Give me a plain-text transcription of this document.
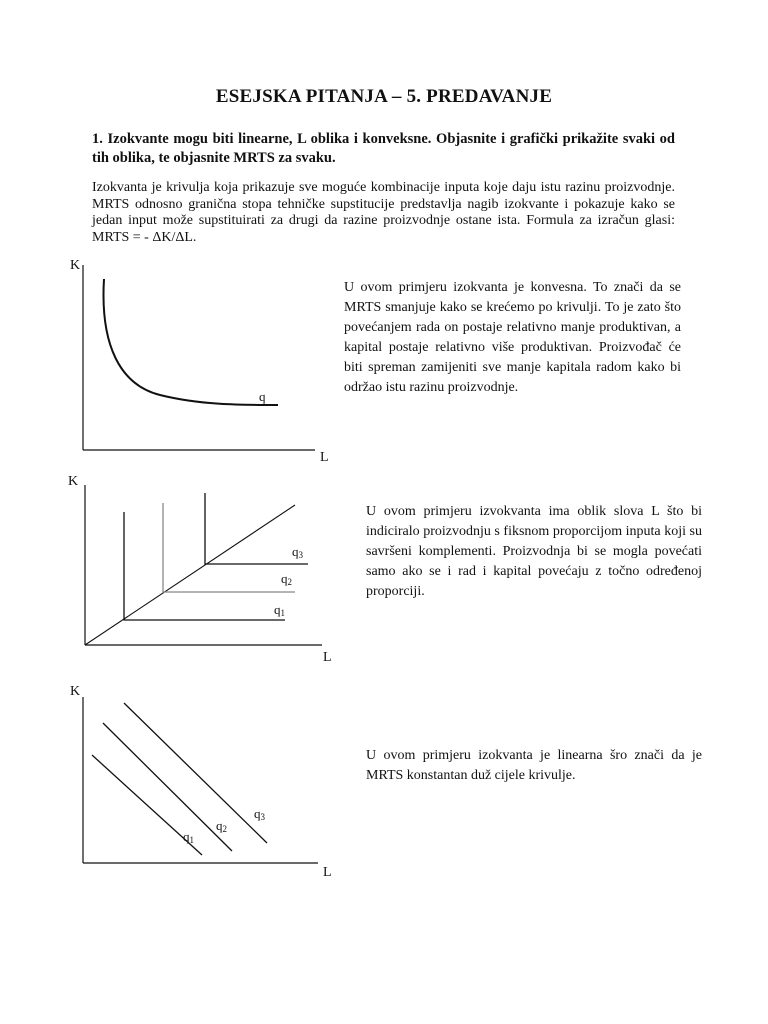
ESEJSKA PITANJA – 5. PREDAVANJE
1. Izokvante mogu biti linearne, L oblika i konveksne. Objasnite i grafički prikažite svaki od tih oblika, te objasnite MRTS za svaku.
Izokvanta je krivulja koja prikazuje sve moguće kombinacije inputa koje daju istu razinu proizvodnje. MRTS odnosno granična stopa tehničke supstitucije predstavlja nagib izokvante i pokazuje kako se jedan input može supstituirati za drugi da razine proizvodnje ostane ista. Formula za izračun glasi: MRTS = - ΔK/ΔL.
K
L
q
U ovom primjeru izokvanta je konvesna. To znači da se MRTS smanjuje kako se krećemo po krivulji. To je zato što povećanjem rada on postaje relativno manje produktivan, a kapital postaje relativno više produktivan. Proizvođač će biti spreman zamijeniti sve manje kapitala radom kako bi održao istu razinu proizvodnje.
K
L
q1
q2
q3
U ovom primjeru izvokvanta ima oblik slova L što bi indiciralo proizvodnju s fiksnom proporcijom inputa koji su savršeni komplementi. Proizvodnja bi se mogla povećati samo ako se i rad i kapital povećaju z točno određenoj proporciji.
K
L
q1
q2
q3
U ovom primjeru izokvanta je linearna šro znači da je MRTS konstantan duž cijele krivulje.
